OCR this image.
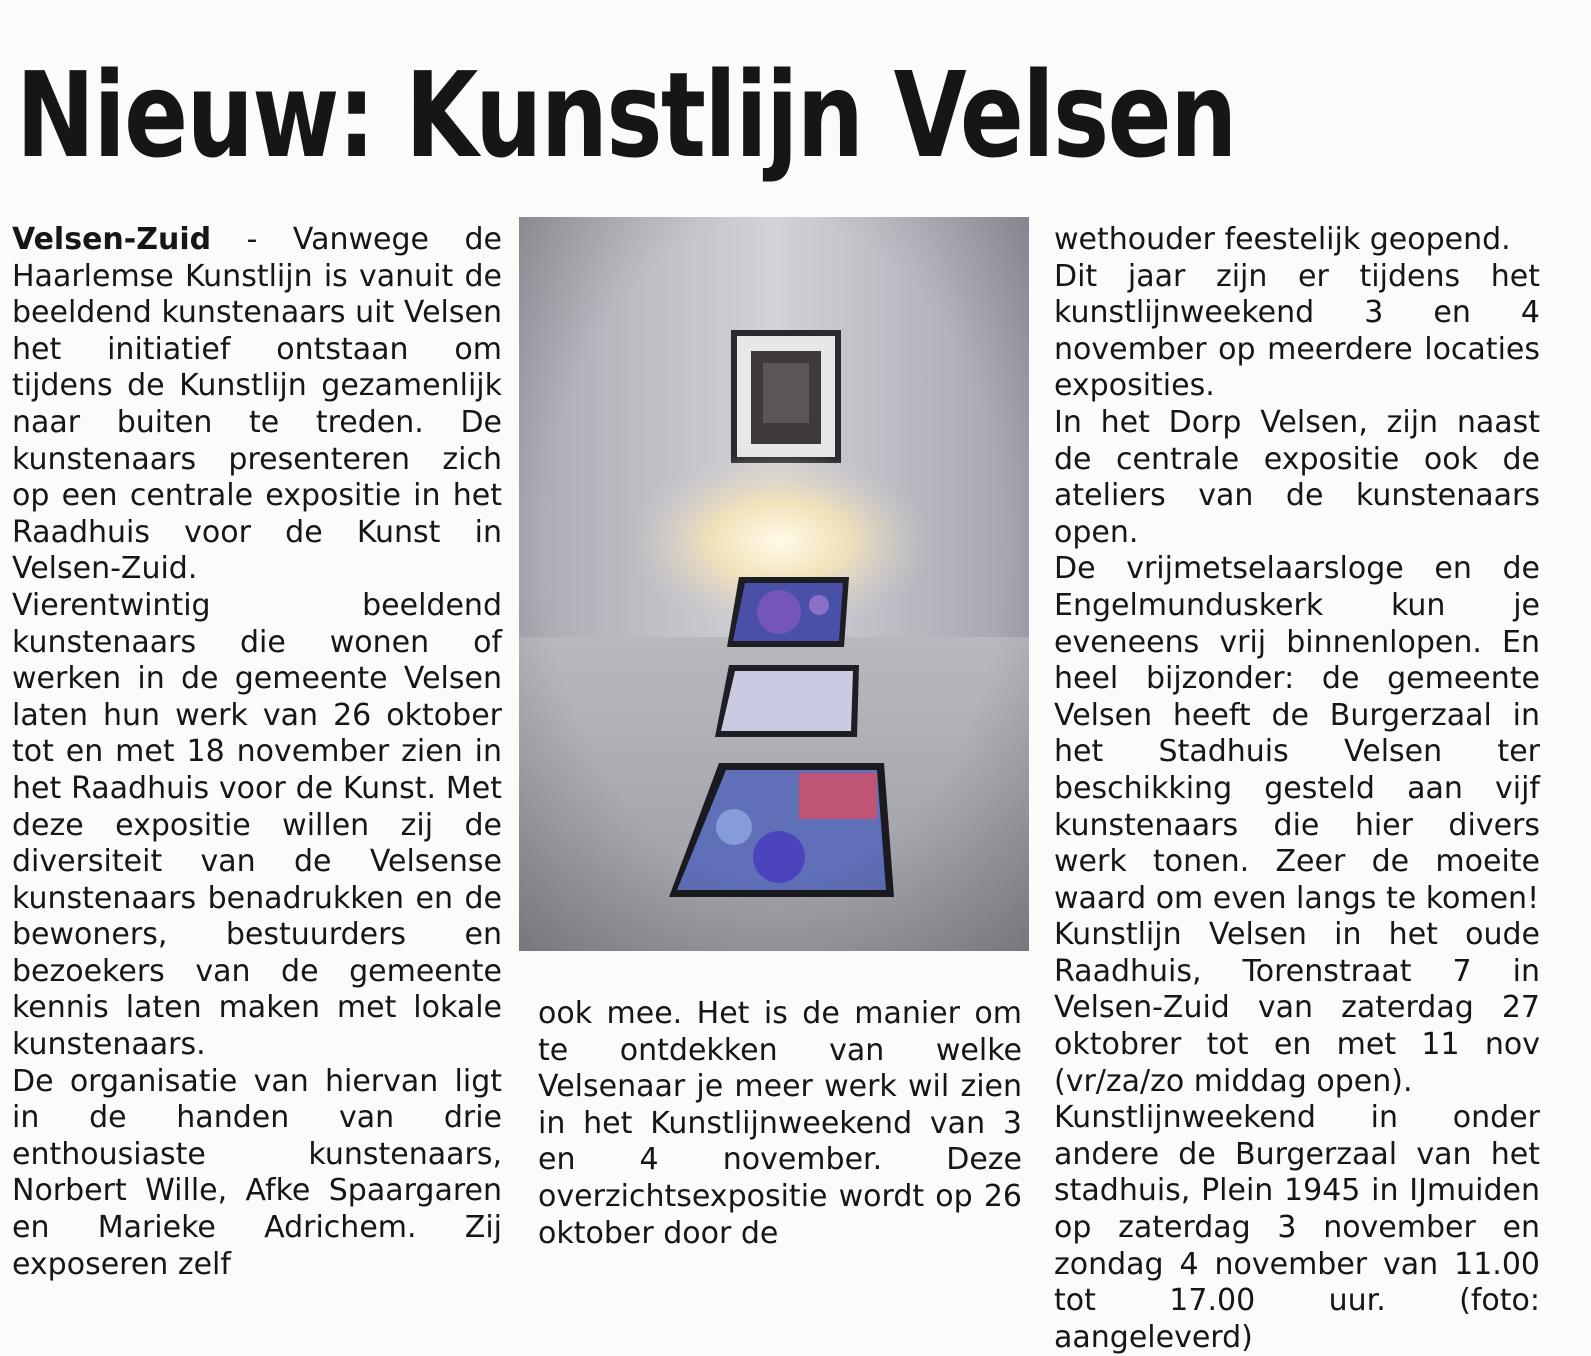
Nieuw: Kunstlijn Velsen

Velsen-Zuid - Vanwege de Haarlemse Kunstlijn is vanuit de beeldend kunstenaars uit Velsen het initiatief ontstaan om tijdens de Kunstlijn gezamenlijk naar buiten te treden. De kunstenaars presenteren zich op een centrale expositie in het Raadhuis voor de Kunst in Velsen-Zuid.

Vierentwintig beeldend kunstenaars die wonen of werken in de gemeente Velsen laten hun werk van 26 oktober tot en met 18 november zien in het Raadhuis voor de Kunst. Met deze expositie willen zij de diversiteit van de Velsense kunstenaars benadrukken en de bewoners, bestuurders en bezoekers van de gemeente kennis laten maken met lokale kunstenaars.

De organisatie van hiervan ligt in de handen van drie enthousiaste kunstenaars, Norbert Wille, Afke Spaargaren en Marieke Adrichem. Zij exposeren zelf

ook mee. Het is de manier om te ontdekken van welke Velsenaar je meer werk wil zien in het Kunstlijnweekend van 3 en 4 november. Deze overzichtsexpositie wordt op 26 oktober door de

wethouder feestelijk geopend.

Dit jaar zijn er tijdens het kunstlijnweekend 3 en 4 november op meerdere locaties exposities.

In het Dorp Velsen, zijn naast de centrale expositie ook de ateliers van de kunstenaars open.

De vrijmetselaarsloge en de Engelmunduskerk kun je eveneens vrij binnenlopen. En heel bijzonder: de gemeente Velsen heeft de Burgerzaal in het Stadhuis Velsen ter beschikking gesteld aan vijf kunstenaars die hier divers werk tonen. Zeer de moeite waard om even langs te komen!

Kunstlijn Velsen in het oude Raadhuis, Torenstraat 7 in Velsen-Zuid van zaterdag 27 oktobrer tot en met 11 nov (vr/za/zo middag open).

Kunstlijnweekend in onder andere de Burgerzaal van het stadhuis, Plein 1945 in IJmuiden op zaterdag 3 november en zondag 4 november van 11.00 tot 17.00 uur. (foto: aangeleverd)
